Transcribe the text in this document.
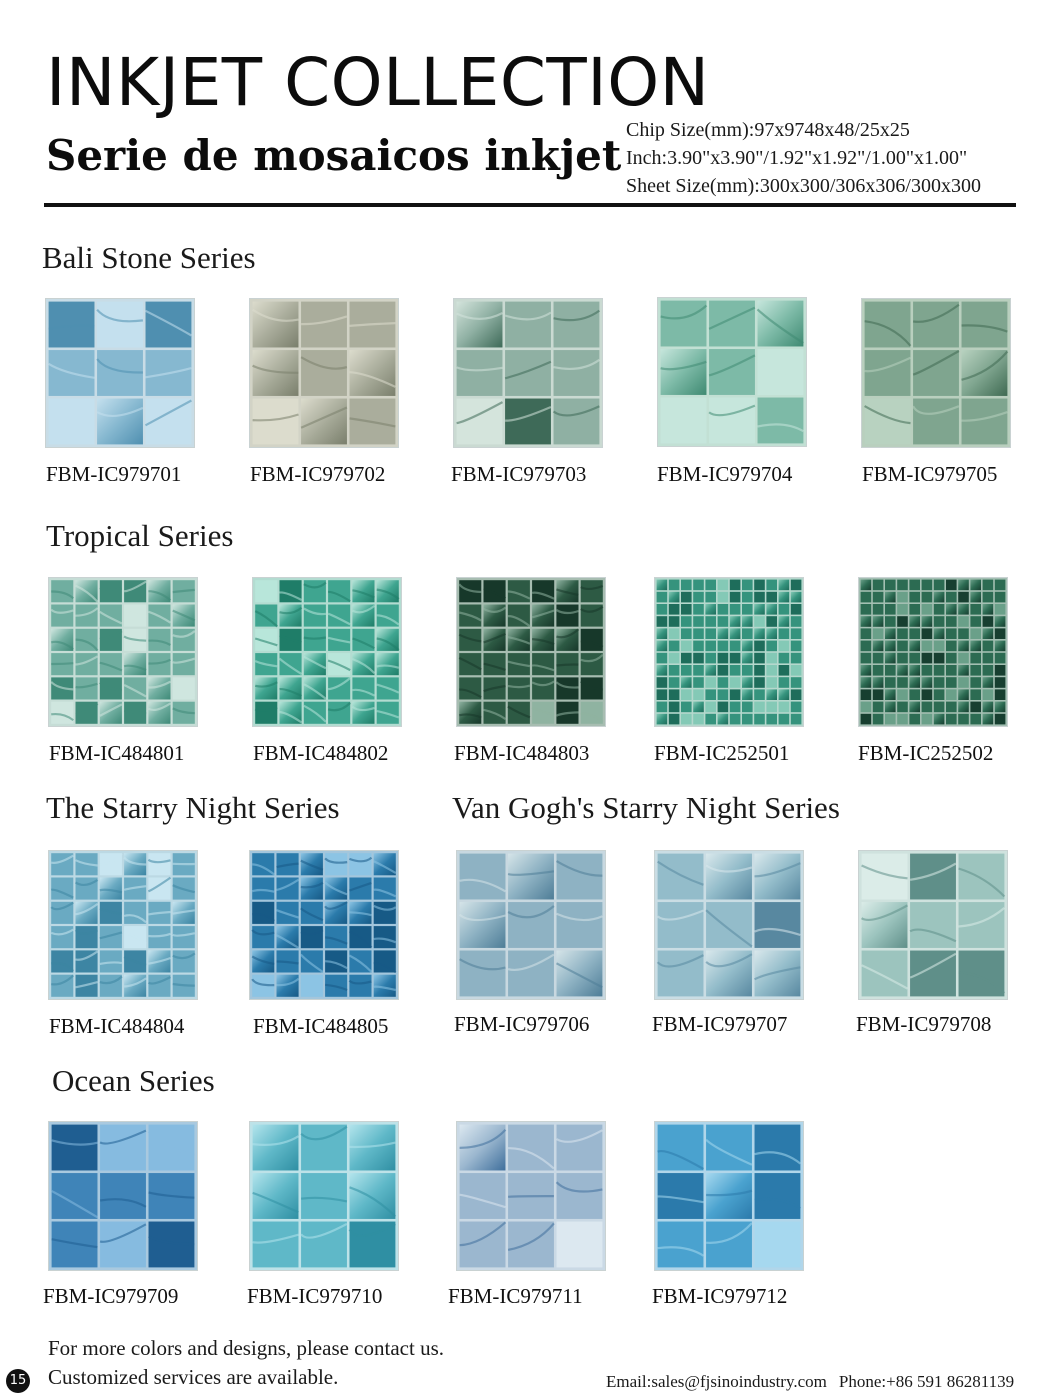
INKJET COLLECTION
Serie de mosaicos inkjet
Chip Size(mm):97x9748x48/25x25
Inch:3.90"x3.90"/1.92"x1.92"/1.00"x1.00"
Sheet Size(mm):300x300/306x306/300x300
Bali Stone Series
Tropical Series
The Starry Night Series	Van Gogh's Starry Night Series
Ocean Series
FBM-IC979701	FBM-IC979702	FBM-IC979703	FBM-IC979704	FBM-IC979705
FBM-IC484801	FBM-IC484802	FBM-IC484803	FBM-IC252501	FBM-IC252502
FBM-IC484804	FBM-IC484805	FBM-IC979706	FBM-IC979707	FBM-IC979708
FBM-IC979709	FBM-IC979710	FBM-IC979711	FBM-IC979712
For more colors and designs, please contact us.
Customized services are available.
15	Email:sales@fjsinoindustry.com Phone:+86 591 86281139
